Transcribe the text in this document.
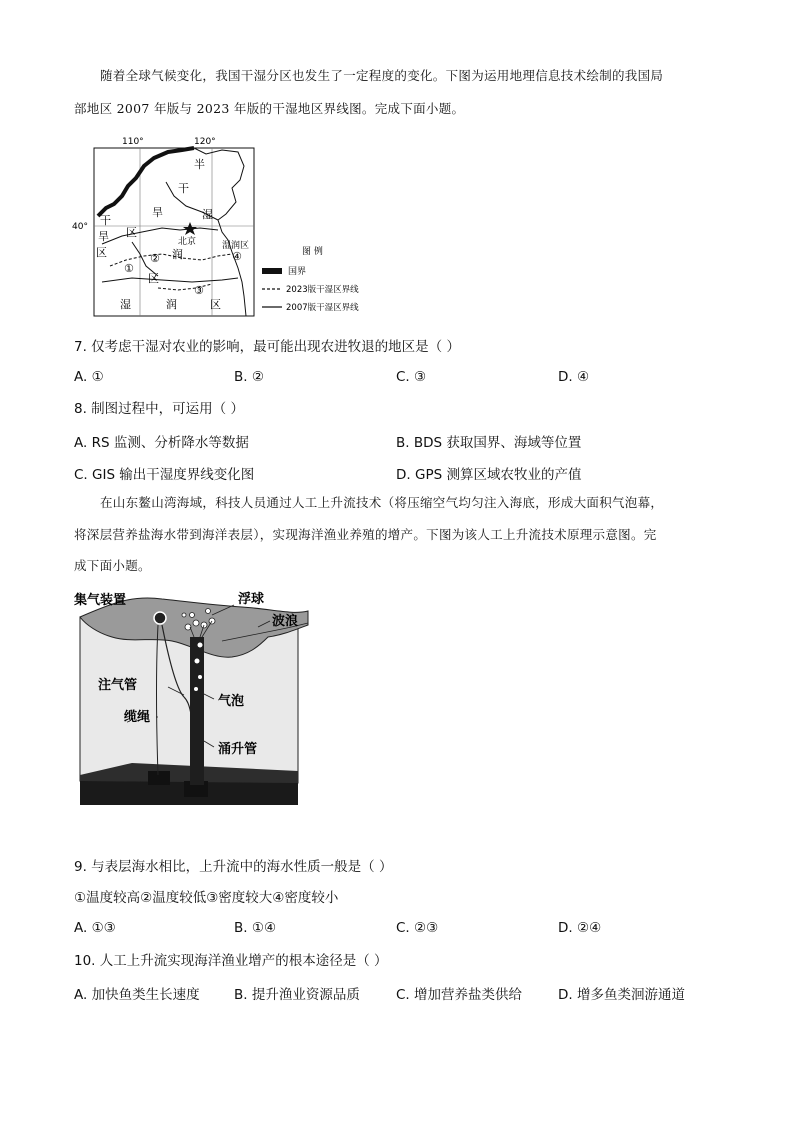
随着全球气候变化，我国干湿分区也发生了一定程度的变化。下图为运用地理信息技术绘制的我国局
部地区 2007 年版与 2023 年版的干湿地区界线图。完成下面小题。
110°	120°
40°
半
干
旱	湿
干
旱 区
区	润
北京
区
湿润区
湿	润	区
①
②
③
④	图 例
国界
2023版干湿区界线
2007版干湿区界线
7. 仅考虑干湿对农业的影响，最可能出现农进牧退的地区是（ ）
A. ①	B. ②	C. ③	D. ④
8. 制图过程中，可运用（ ）
A. RS 监测、分析降水等数据	B. BDS 获取国界、海域等位置
C. GIS 输出干湿度界线变化图	D. GPS 测算区域农牧业的产值
在山东鳌山湾海域，科技人员通过人工上升流技术（将压缩空气均匀注入海底，形成大面积气泡幕，
将深层营养盐海水带到海洋表层），实现海洋渔业养殖的增产。下图为该人工上升流技术原理示意图。完
成下面小题。
集气装置	浮球
波浪
注气管
气泡
缆绳
涌升管
9. 与表层海水相比，上升流中的海水性质一般是（ ）
①温度较高②温度较低③密度较大④密度较小
A. ①③	B. ①④	C. ②③	D. ②④
10. 人工上升流实现海洋渔业增产的根本途径是（ ）
A. 加快鱼类生长速度	B. 提升渔业资源品质	C. 增加营养盐类供给	D. 增多鱼类洄游通道
